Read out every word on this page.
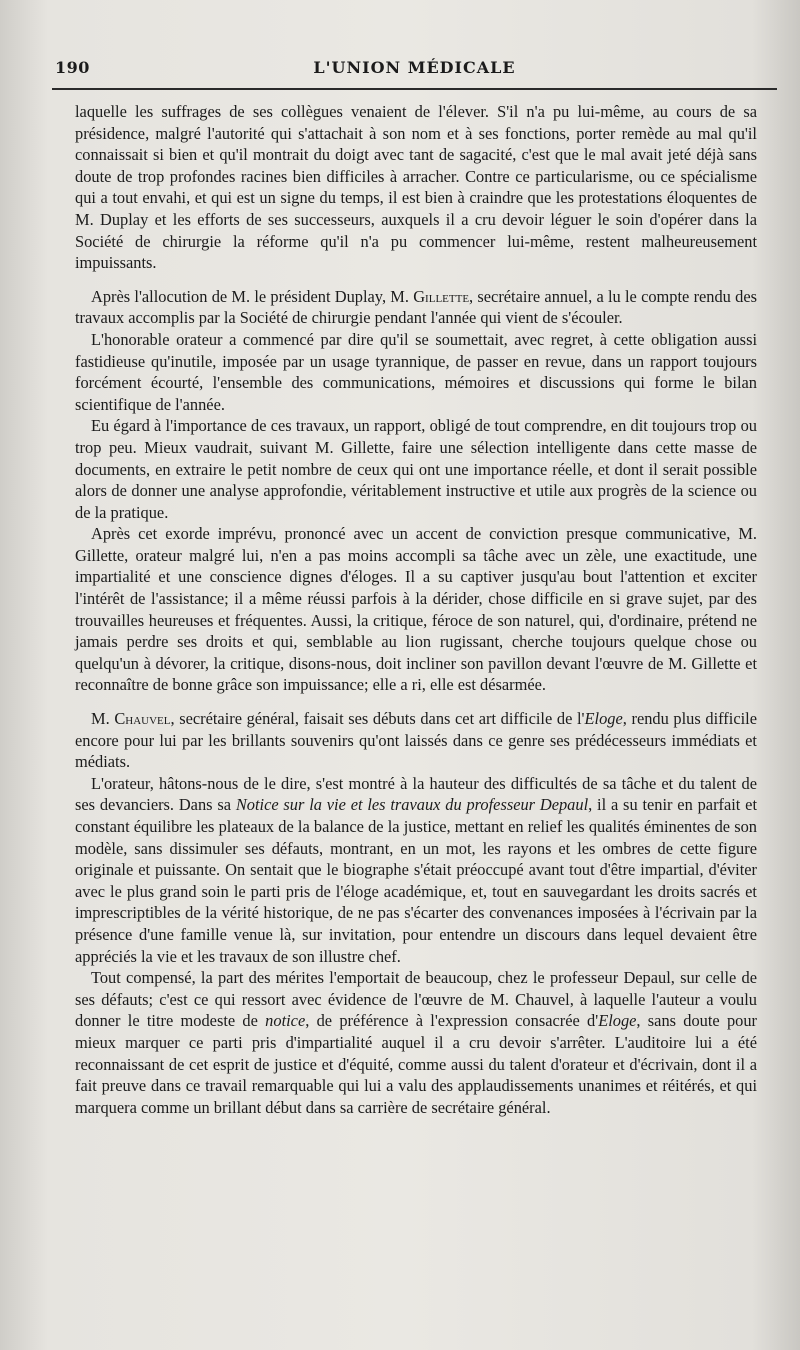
190	L'UNION MÉDICALE

laquelle les suffrages de ses collègues venaient de l'élever. S'il n'a pu lui-même, au cours de sa présidence, malgré l'autorité qui s'attachait à son nom et à ses fonctions, porter remède au mal qu'il connaissait si bien et qu'il montrait du doigt avec tant de sagacité, c'est que le mal avait jeté déjà sans doute de trop profondes racines bien difficiles à arracher. Contre ce particularisme, ou ce spécialisme qui a tout envahi, et qui est un signe du temps, il est bien à craindre que les protestations éloquentes de M. Duplay et les efforts de ses successeurs, auxquels il a cru devoir léguer le soin d'opérer dans la Société de chirurgie la réforme qu'il n'a pu commencer lui-même, restent malheureusement impuissants.

Après l'allocution de M. le président Duplay, M. Gillette, secrétaire annuel, a lu le compte rendu des travaux accomplis par la Société de chirurgie pendant l'année qui vient de s'écouler.

L'honorable orateur a commencé par dire qu'il se soumettait, avec regret, à cette obligation aussi fastidieuse qu'inutile, imposée par un usage tyrannique, de passer en revue, dans un rapport toujours forcément écourté, l'ensemble des communications, mémoires et discussions qui forme le bilan scientifique de l'année.

Eu égard à l'importance de ces travaux, un rapport, obligé de tout comprendre, en dit toujours trop ou trop peu. Mieux vaudrait, suivant M. Gillette, faire une sélection intelligente dans cette masse de documents, en extraire le petit nombre de ceux qui ont une importance réelle, et dont il serait possible alors de donner une analyse approfondie, véritablement instructive et utile aux progrès de la science ou de la pratique.

Après cet exorde imprévu, prononcé avec un accent de conviction presque communicative, M. Gillette, orateur malgré lui, n'en a pas moins accompli sa tâche avec un zèle, une exactitude, une impartialité et une conscience dignes d'éloges. Il a su captiver jusqu'au bout l'attention et exciter l'intérêt de l'assistance; il a même réussi parfois à la dérider, chose difficile en si grave sujet, par des trouvailles heureuses et fréquentes. Aussi, la critique, féroce de son naturel, qui, d'ordinaire, prétend ne jamais perdre ses droits et qui, semblable au lion rugissant, cherche toujours quelque chose ou quelqu'un à dévorer, la critique, disons-nous, doit incliner son pavillon devant l'œuvre de M. Gillette et reconnaître de bonne grâce son impuissance; elle a ri, elle est désarmée.

M. Chauvel, secrétaire général, faisait ses débuts dans cet art difficile de l'Eloge, rendu plus difficile encore pour lui par les brillants souvenirs qu'ont laissés dans ce genre ses prédécesseurs immédiats et médiats.

L'orateur, hâtons-nous de le dire, s'est montré à la hauteur des difficultés de sa tâche et du talent de ses devanciers. Dans sa Notice sur la vie et les travaux du professeur Depaul, il a su tenir en parfait et constant équilibre les plateaux de la balance de la justice, mettant en relief les qualités éminentes de son modèle, sans dissimuler ses défauts, montrant, en un mot, les rayons et les ombres de cette figure originale et puissante. On sentait que le biographe s'était préoccupé avant tout d'être impartial, d'éviter avec le plus grand soin le parti pris de l'éloge académique, et, tout en sauvegardant les droits sacrés et imprescriptibles de la vérité historique, de ne pas s'écarter des convenances imposées à l'écrivain par la présence d'une famille venue là, sur invitation, pour entendre un discours dans lequel devaient être appréciés la vie et les travaux de son illustre chef.

Tout compensé, la part des mérites l'emportait de beaucoup, chez le professeur Depaul, sur celle de ses défauts; c'est ce qui ressort avec évidence de l'œuvre de M. Chauvel, à laquelle l'auteur a voulu donner le titre modeste de notice, de préférence à l'expression consacrée d'Eloge, sans doute pour mieux marquer ce parti pris d'impartialité auquel il a cru devoir s'arrêter. L'auditoire lui a été reconnaissant de cet esprit de justice et d'équité, comme aussi du talent d'orateur et d'écrivain, dont il a fait preuve dans ce travail remarquable qui lui a valu des applaudissements unanimes et réitérés, et qui marquera comme un brillant début dans sa carrière de secrétaire général.
